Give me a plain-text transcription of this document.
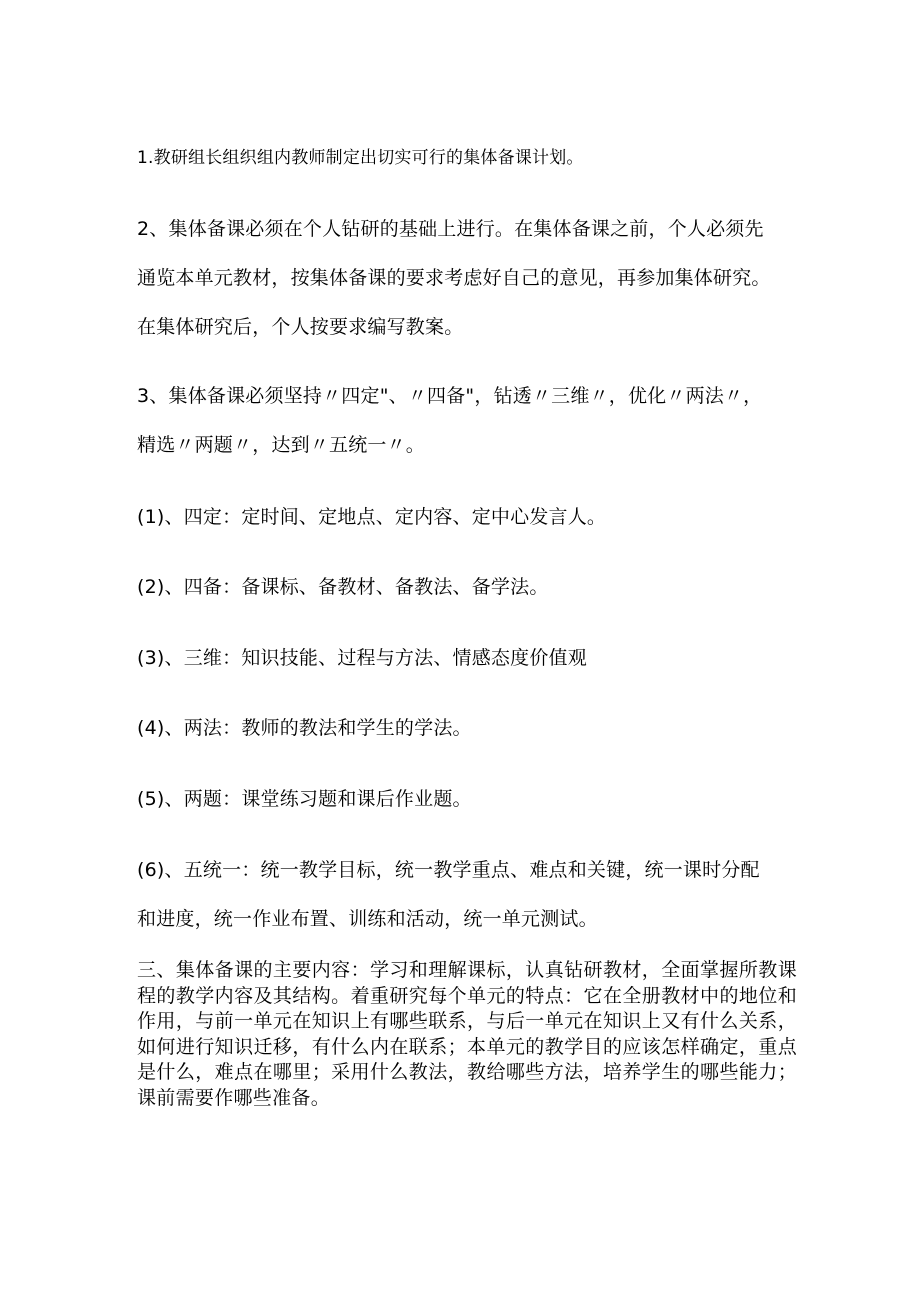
1.教研组长组织组内教师制定出切实可行的集体备课计划。
2、集体备课必须在个人钻研的基础上进行。在集体备课之前，个人必须先
通览本单元教材，按集体备课的要求考虑好自己的意见，再参加集体研究。
在集体研究后，个人按要求编写教案。
3、集体备课必须坚持〃四定"、〃四备"，钻透〃三维〃，优化〃两法〃，
精选〃两题〃，达到〃五统一〃。
(1)、四定：定时间、定地点、定内容、定中心发言人。
(2)、四备：备课标、备教材、备教法、备学法。
(3)、三维：知识技能、过程与方法、情感态度价值观
(4)、两法：教师的教法和学生的学法。
(5)、两题：课堂练习题和课后作业题。
(6)、五统一：统一教学目标，统一教学重点、难点和关键，统一课时分配
和进度，统一作业布置、训练和活动，统一单元测试。
三、集体备课的主要内容：学习和理解课标，认真钻研教材，全面掌握所教课程的教学内容及其结构。着重研究每个单元的特点：它在全册教材中的地位和作用，与前一单元在知识上有哪些联系，与后一单元在知识上又有什么关系，如何进行知识迁移，有什么内在联系；本单元的教学目的应该怎样确定，重点是什么，难点在哪里；采用什么教法，教给哪些方法，培养学生的哪些能力；课前需要作哪些准备。
